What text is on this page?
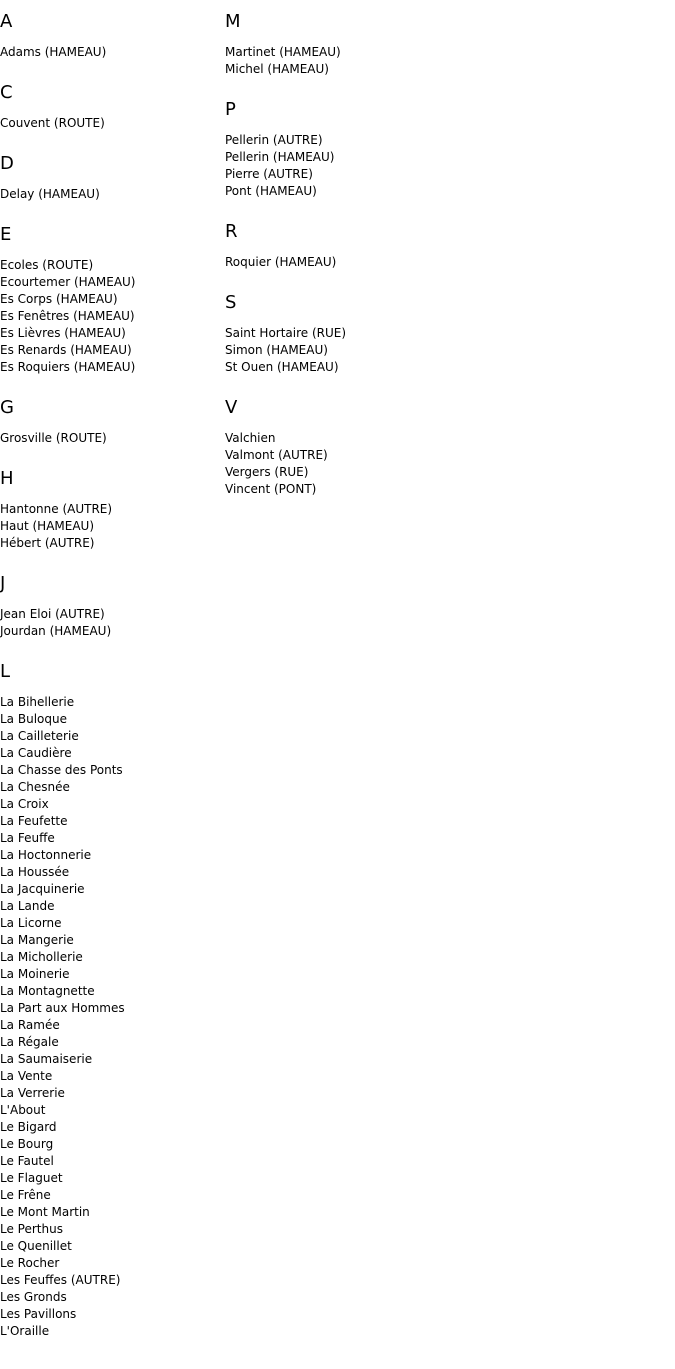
A
Adams (HAMEAU)
C
Couvent (ROUTE)
D
Delay (HAMEAU)
E
Ecoles (ROUTE)
Ecourtemer (HAMEAU)
Es Corps (HAMEAU)
Es Fenêtres (HAMEAU)
Es Lièvres (HAMEAU)
Es Renards (HAMEAU)
Es Roquiers (HAMEAU)
G
Grosville (ROUTE)
H
Hantonne (AUTRE)
Haut (HAMEAU)
Hébert (AUTRE)
J
Jean Eloi (AUTRE)
Jourdan (HAMEAU)
L
La Bihellerie
La Buloque
La Cailleterie
La Caudière
La Chasse des Ponts
La Chesnée
La Croix
La Feufette
La Feuffe
La Hoctonnerie
La Houssée
La Jacquinerie
La Lande
La Licorne
La Mangerie
La Michollerie
La Moinerie
La Montagnette
La Part aux Hommes
La Ramée
La Régale
La Saumaiserie
La Vente
La Verrerie
L'About
Le Bigard
Le Bourg
Le Fautel
Le Flaguet
Le Frêne
Le Mont Martin
Le Perthus
Le Quenillet
Le Rocher
Les Feuffes (AUTRE)
Les Gronds
Les Pavillons
L'Oraille
M
Martinet (HAMEAU)
Michel (HAMEAU)
P
Pellerin (AUTRE)
Pellerin (HAMEAU)
Pierre (AUTRE)
Pont (HAMEAU)
R
Roquier (HAMEAU)
S
Saint Hortaire (RUE)
Simon (HAMEAU)
St Ouen (HAMEAU)
V
Valchien
Valmont (AUTRE)
Vergers (RUE)
Vincent (PONT)
